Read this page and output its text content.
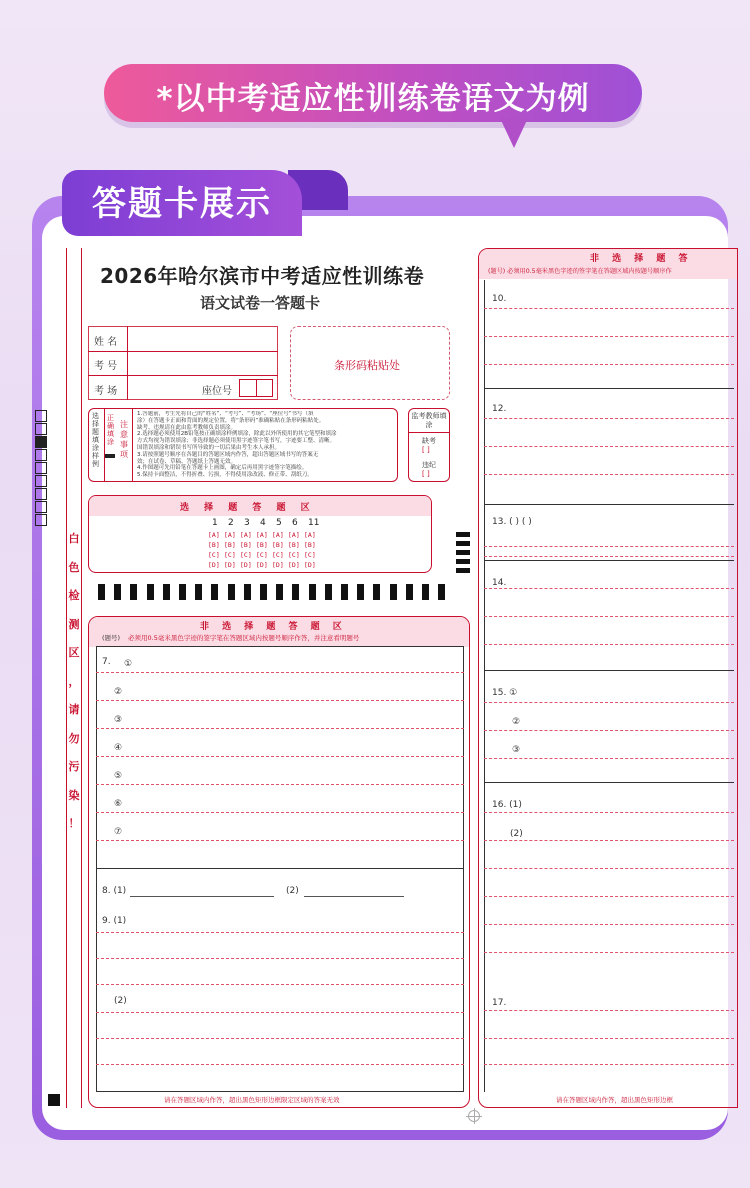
*以中考适应性训练卷语文为例
答题卡展示
白
色
检
测
区
，
请
勿
污
染
！
2026年哈尔滨市中考适应性训练卷
语文试卷一答题卡
姓 名
考 号
考 场	座位号
条形码粘贴处
选择题填涂样例
正确填涂
注意事项
1.答题前，考生先将自己的“姓名”、“考号”、“考场”、“座位号”书写（填
涂）在答题卡正面和背面的规定位置，将“条形码”准确粘贴在条形码粘贴处。
缺考、违规请在此由监考教师负责填涂。
2.选择题必须使用2B铅笔按正确填涂样例填涂，除此以外所使用的其它笔型和填涂
方式均视为错误填涂；非选择题必须使用黑字迹签字笔书写，字迹要工整、清晰。
国错误填涂和错误书写所导致的一切后果由考生本人承担。
3.请按照题号顺序在各题目的答题区域内作答，超出答题区域书写的答案无
效；在试卷、草稿、答题纸上答题无效。
4.作图题可先用铅笔在答题卡上画图，确定后再用黑字迹签字笔描绘。
5.保持卡面整洁，不得折叠、污损，不得使用涂改液、修正带、刮纸刀。
监考教师填涂
缺考
[ ]
违纪
[ ]
选 择 题 答 题 区
1 2 3 4 5 6 11
[A] [A] [A] [A] [A] [A] [A]
[B] [B] [B] [B] [B] [B] [B]
[C] [C] [C] [C] [C] [C] [C]
[D] [D] [D] [D] [D] [D] [D]
非 选 择 题 答 题 区
(题号) 必须用0.5毫米黑色字迹的签字笔在答题区域内按题号顺序作答，并注意看明题号
7. ①
②
③
④
⑤
⑥
⑦
8. (1)	(2)
9. (1)
(2)
请在答题区域内作答，超出黑色矩形边框限定区域的答案无效
非 选 择 题 答
(题号) 必须用0.5毫米黑色字迹的签字笔在答题区域内按题号顺序作
10.
12.
13. ( ) ( )
14.
15. ①
②
③
16. (1)
(2)
17.
请在答题区域内作答，超出黑色矩形边框
